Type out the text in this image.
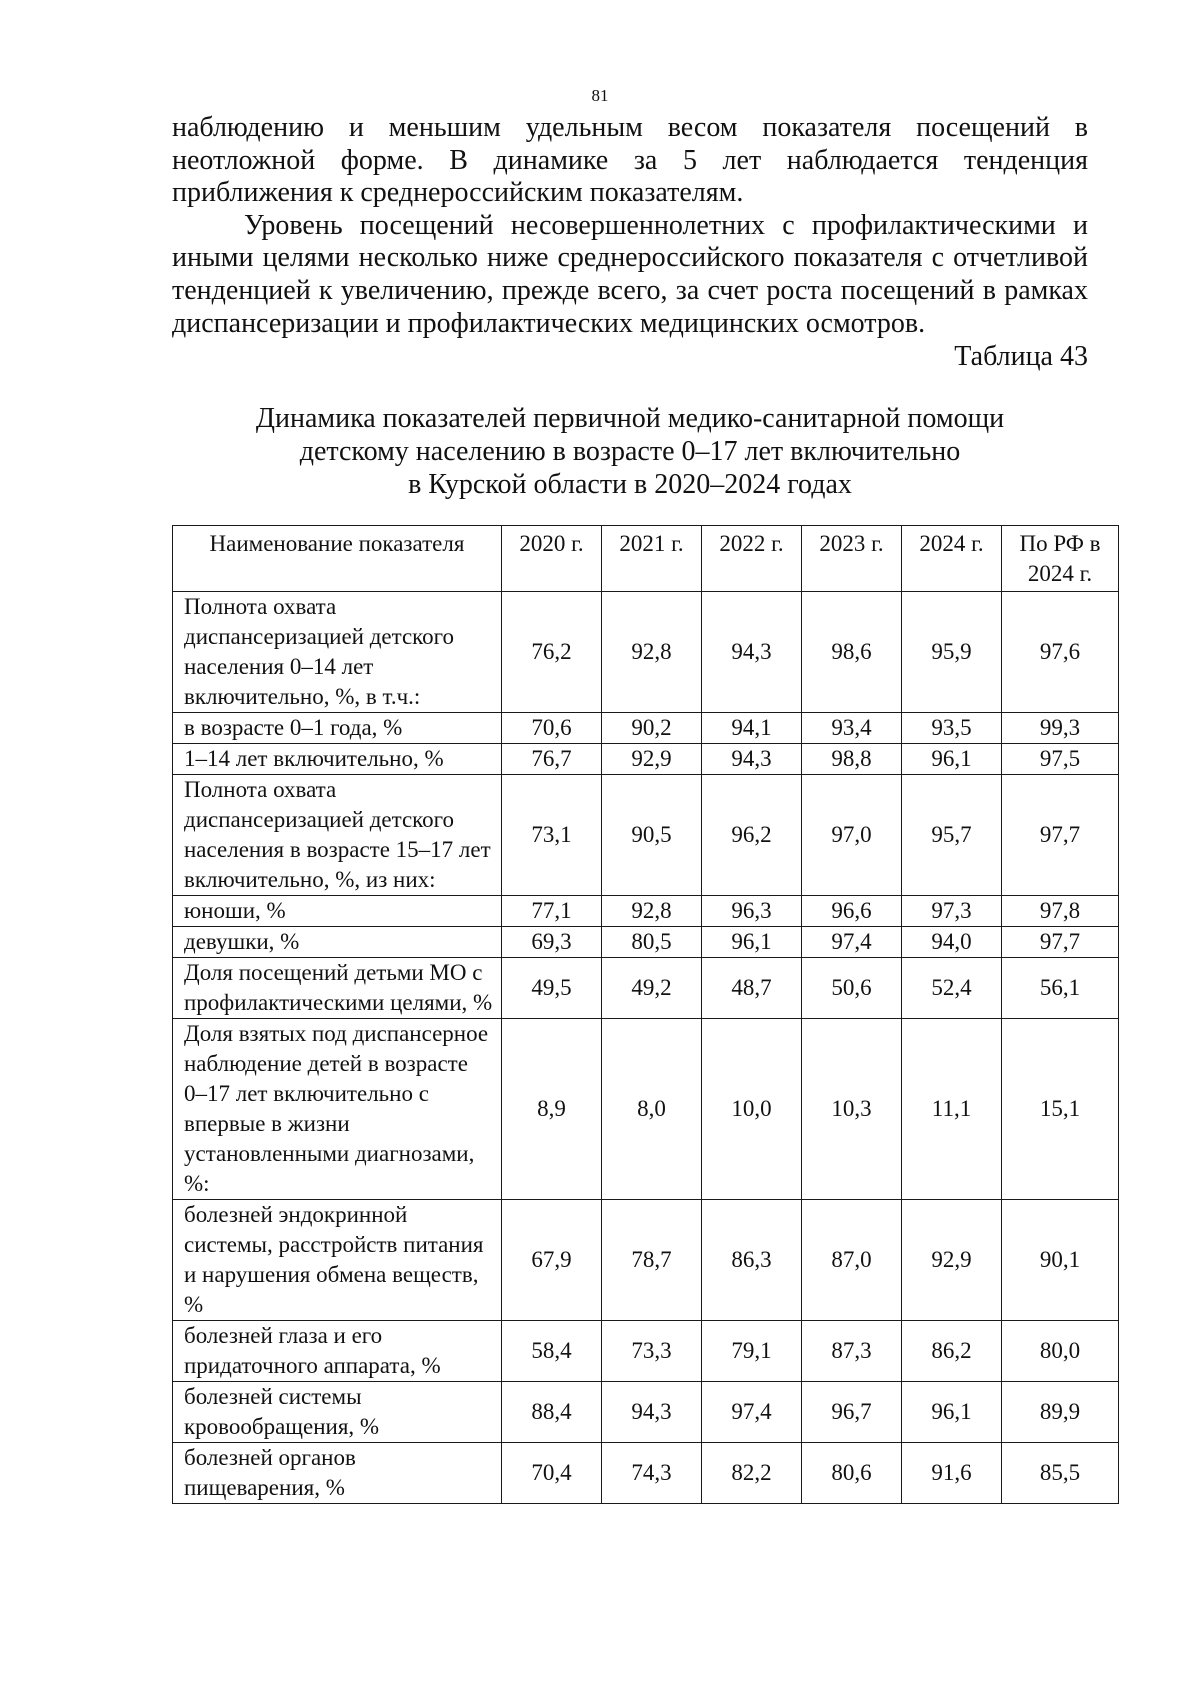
81

наблюдению и меньшим удельным весом показателя посещений в неотложной форме. В динамике за 5 лет наблюдается тенденция приближения к среднероссийским показателям.

Уровень посещений несовершеннолетних с профилактическими и иными целями несколько ниже среднероссийского показателя с отчетливой тенденцией к увеличению, прежде всего, за счет роста посещений в рамках диспансеризации и профилактических медицинских осмотров.

Таблица 43
Динамика показателей первичной медико-санитарной помощи
детскому населению в возрасте 0–17 лет включительно
в Курской области в 2020–2024 годах
Наименование показателя	2020 г.	2021 г.	2022 г.	2023 г.	2024 г.	По РФ в 2024 г.
Полнота охвата диспансеризацией детского населения 0–14 лет включительно, %, в т.ч.:	76,2	92,8	94,3	98,6	95,9	97,6
в возрасте 0–1 года, %	70,6	90,2	94,1	93,4	93,5	99,3
1–14 лет включительно, %	76,7	92,9	94,3	98,8	96,1	97,5
Полнота охвата диспансеризацией детского населения в возрасте 15–17 лет включительно, %, из них:	73,1	90,5	96,2	97,0	95,7	97,7
юноши, %	77,1	92,8	96,3	96,6	97,3	97,8
девушки, %	69,3	80,5	96,1	97,4	94,0	97,7
Доля посещений детьми МО с профилактическими целями, %	49,5	49,2	48,7	50,6	52,4	56,1
Доля взятых под диспансерное наблюдение детей в возрасте 0–17 лет включительно с впервые в жизни установленными диагнозами, %:	8,9	8,0	10,0	10,3	11,1	15,1
болезней эндокринной системы, расстройств питания и нарушения обмена веществ, %	67,9	78,7	86,3	87,0	92,9	90,1
болезней глаза и его придаточного аппарата, %	58,4	73,3	79,1	87,3	86,2	80,0
болезней системы кровообращения, %	88,4	94,3	97,4	96,7	96,1	89,9
болезней органов пищеварения, %	70,4	74,3	82,2	80,6	91,6	85,5
